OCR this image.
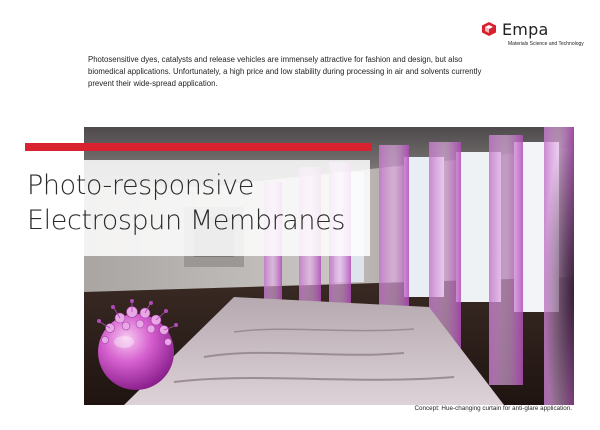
Empa
Materials Science and Technology
Photosensitive dyes, catalysts and release vehicles are immensely attractive for fashion and design, but also biomedical applications. Unfortunately, a high price and low stability during processing in air and solvents currently prevent their wide-spread application.
Photo-responsive
Electrospun Membranes
Concept: Hue-changing curtain for anti-glare application.
